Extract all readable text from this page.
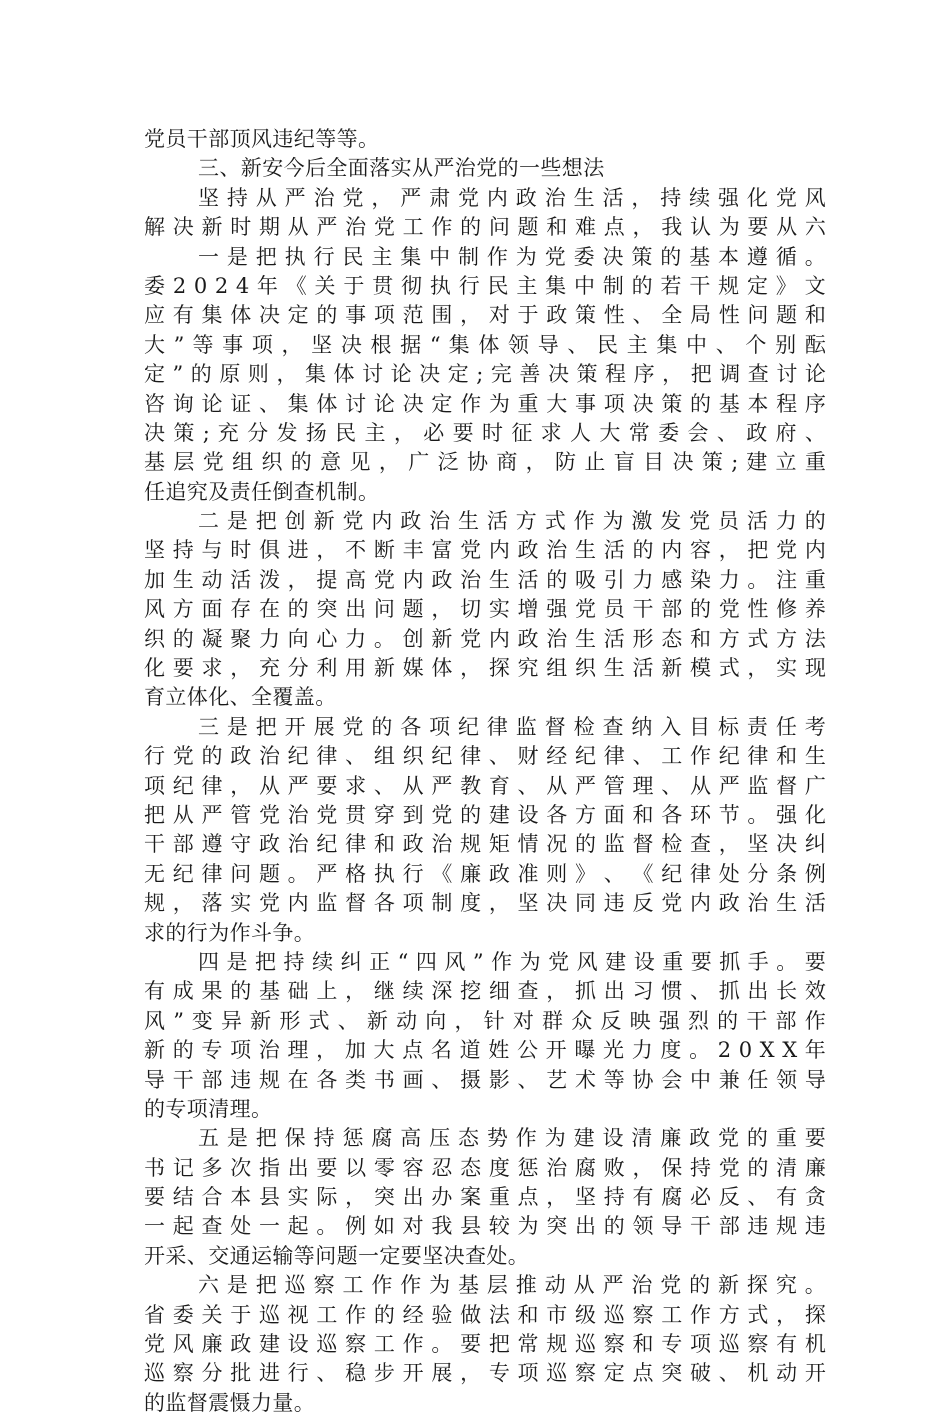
党员干部顶风违纪等等。
三、新安今后全面落实从严治党的一些想法
坚 持 从 严 治 党 ， 严 肃 党 内 政 治 生 活 ， 持 续 强 化 党 风
解 决 新 时 期 从 严 治 党 工 作 的 问 题 和 难 点 ， 我 认 为 要 从 六
一 是 把 执 行 民 主 集 中 制 作 为 党 委 决 策 的 基 本 遵 循 。
委 2 0 2 4 年 《 关 于 贯 彻 执 行 民 主 集 中 制 的 若 干 规 定 》 文
应 有 集 体 决 定 的 事 项 范 围 ， 对 于 政 策 性 、 全 局 性 问 题 和
大 ” 等 事 项 ， 坚 决 根 据 “ 集 体 领 导 、 民 主 集 中 、 个 别 酝
定 ” 的 原 则 ， 集 体 讨 论 决 定 ; 完 善 决 策 程 序 ， 把 调 查 讨 论
咨 询 论 证 、 集 体 讨 论 决 定 作 为 重 大 事 项 决 策 的 基 本 程 序
决 策 ; 充 分 发 扬 民 主 ， 必 要 时 征 求 人 大 常 委 会 、 政 府 、
基 层 党 组 织 的 意 见 ， 广 泛 协 商 ， 防 止 盲 目 决 策 ; 建 立 重
任追究及责任倒查机制。
二 是 把 创 新 党 内 政 治 生 活 方 式 作 为 激 发 党 员 活 力 的
坚 持 与 时 俱 进 ， 不 断 丰 富 党 内 政 治 生 活 的 内 容 ， 把 党 内
加 生 动 活 泼 ， 提 高 党 内 政 治 生 活 的 吸 引 力 感 染 力 。 注 重
风 方 面 存 在 的 突 出 问 题 ， 切 实 增 强 党 员 干 部 的 党 性 修 养
织 的 凝 聚 力 向 心 力 。 创 新 党 内 政 治 生 活 形 态 和 方 式 方 法
化 要 求 ， 充 分 利 用 新 媒 体 ， 探 究 组 织 生 活 新 模 式 ， 实 现
育立体化、全覆盖。
三 是 把 开 展 党 的 各 项 纪 律 监 督 检 查 纳 入 目 标 责 任 考
行 党 的 政 治 纪 律 、 组 织 纪 律 、 财 经 纪 律 、 工 作 纪 律 和 生
项 纪 律 ， 从 严 要 求 、 从 严 教 育 、 从 严 管 理 、 从 严 监 督 广
把 从 严 管 党 治 党 贯 穿 到 党 的 建 设 各 方 面 和 各 环 节 。 强 化
干 部 遵 守 政 治 纪 律 和 政 治 规 矩 情 况 的 监 督 检 查 ， 坚 决 纠
无 纪 律 问 题 。 严 格 执 行 《 廉 政 准 则 》 、 《 纪 律 处 分 条 例
规 ， 落 实 党 内 监 督 各 项 制 度 ， 坚 决 同 违 反 党 内 政 治 生 活
求的行为作斗争。
四 是 把 持 续 纠 正 “ 四 风 ” 作 为 党 风 建 设 重 要 抓 手 。 要
有 成 果 的 基 础 上 ， 继 续 深 挖 细 查 ， 抓 出 习 惯 、 抓 出 长 效
风 ” 变 异 新 形 式 、 新 动 向 ， 针 对 群 众 反 映 强 烈 的 干 部 作
新 的 专 项 治 理 ， 加 大 点 名 道 姓 公 开 曝 光 力 度 。 2 0 X X 年
导 干 部 违 规 在 各 类 书 画 、 摄 影 、 艺 术 等 协 会 中 兼 任 领 导
的专项清理。
五 是 把 保 持 惩 腐 高 压 态 势 作 为 建 设 清 廉 政 党 的 重 要
书 记 多 次 指 出 要 以 零 容 忍 态 度 惩 治 腐 败 ， 保 持 党 的 清 廉
要 结 合 本 县 实 际 ， 突 出 办 案 重 点 ， 坚 持 有 腐 必 反 、 有 贪
一 起 查 处 一 起 。 例 如 对 我 县 较 为 突 出 的 领 导 干 部 违 规 违
开采、交通运输等问题一定要坚决查处。
六 是 把 巡 察 工 作 作 为 基 层 推 动 从 严 治 党 的 新 探 究 。
省 委 关 于 巡 视 工 作 的 经 验 做 法 和 市 级 巡 察 工 作 方 式 ， 探
党 风 廉 政 建 设 巡 察 工 作 。 要 把 常 规 巡 察 和 专 项 巡 察 有 机
巡 察 分 批 进 行 、 稳 步 开 展 ， 专 项 巡 察 定 点 突 破 、 机 动 开
的监督震慑力量。
